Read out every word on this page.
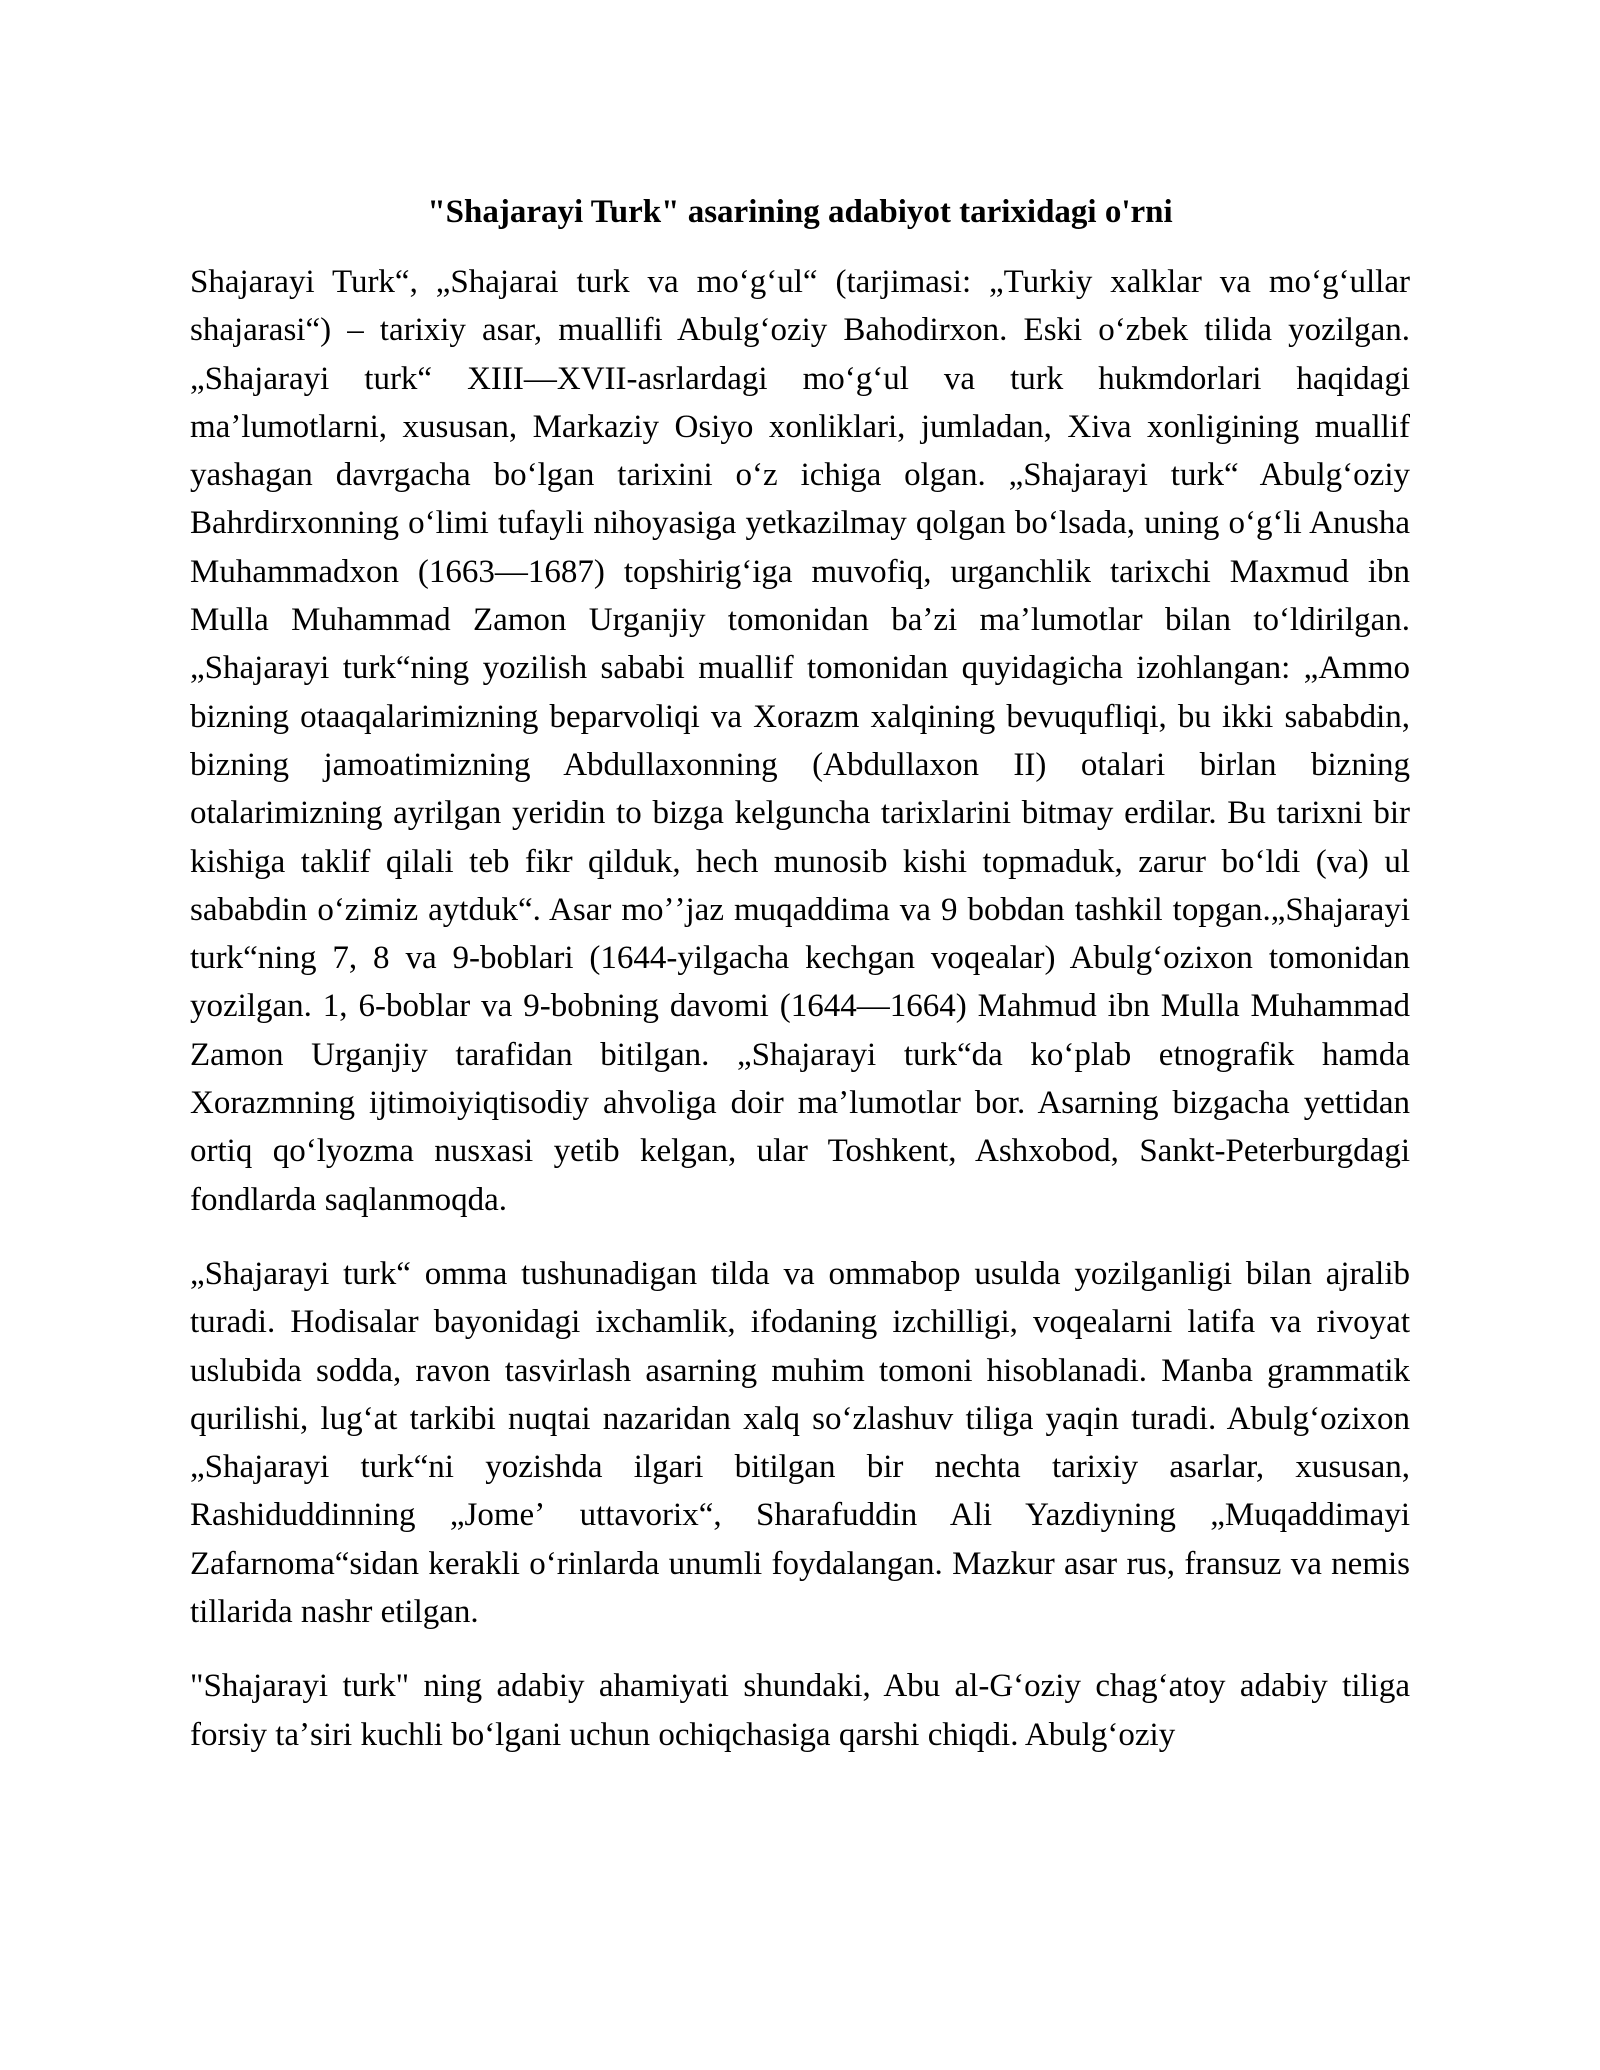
"Shajarayi Turk" asarining adabiyot tarixidagi o'rni

Shajarayi Turk“, „Shajarai turk va moʻgʻul“ (tarjimasi: „Turkiy xalklar va moʻgʻullar shajarasi“) – tarixiy asar, muallifi Abulgʻoziy Bahodirxon. Eski oʻzbek tilida yozilgan. „Shajarayi turk“ XIII—XVII-asrlardagi moʻgʻul va turk hukmdorlari haqidagi maʼlumotlarni, xususan, Markaziy Osiyo xonliklari, jumladan, Xiva xonligining muallif yashagan davrgacha boʻlgan tarixini oʻz ichiga olgan. „Shajarayi turk“ Abulgʻoziy Bahrdirxonning oʻlimi tufayli nihoyasiga yetkazilmay qolgan boʻlsada, uning oʻgʻli Anusha Muhammadxon (1663—1687) topshirigʻiga muvofiq, urganchlik tarixchi Maxmud ibn Mulla Muhammad Zamon Urganjiy tomonidan baʼzi maʼlumotlar bilan toʻldirilgan. „Shajarayi turk“ning yozilish sababi muallif tomonidan quyidagicha izohlangan: „Ammo bizning otaaqalarimizning beparvoliqi va Xorazm xalqining bevuqufliqi, bu ikki sababdin, bizning jamoatimizning Abdullaxonning (Abdullaxon II) otalari birlan bizning otalarimizning ayrilgan yeridin to bizga kelguncha tarixlarini bitmay erdilar. Bu tarixni bir kishiga taklif qilali teb fikr qilduk, hech munosib kishi topmaduk, zarur boʻldi (va) ul sababdin oʻzimiz aytduk“. Asar moʼʼjaz muqaddima va 9 bobdan tashkil topgan.„Shajarayi turk“ning 7, 8 va 9-boblari (1644-yilgacha kechgan voqealar) Abulgʻozixon tomonidan yozilgan. 1, 6-boblar va 9-bobning davomi (1644—1664) Mahmud ibn Mulla Muhammad Zamon Urganjiy tarafidan bitilgan. „Shajarayi turk“da koʻplab etnografik hamda Xorazmning ijtimoiyiqtisodiy ahvoliga doir maʼlumotlar bor. Asarning bizgacha yettidan ortiq qoʻlyozma nusxasi yetib kelgan, ular Toshkent, Ashxobod, Sankt-Peterburgdagi fondlarda saqlanmoqda.

„Shajarayi turk“ omma tushunadigan tilda va ommabop usulda yozilganligi bilan ajralib turadi. Hodisalar bayonidagi ixchamlik, ifodaning izchilligi, voqealarni latifa va rivoyat uslubida sodda, ravon tasvirlash asarning muhim tomoni hisoblanadi. Manba grammatik qurilishi, lugʻat tarkibi nuqtai nazaridan xalq soʻzlashuv tiliga yaqin turadi. Abulgʻozixon „Shajarayi turk“ni yozishda ilgari bitilgan bir nechta tarixiy asarlar, xususan, Rashiduddinning „Jomeʼ uttavorix“, Sharafuddin Ali Yazdiyning „Muqaddimayi Zafarnoma“sidan kerakli oʻrinlarda unumli foydalangan. Mazkur asar rus, fransuz va nemis tillarida nashr etilgan.

"Shajarayi turk" ning adabiy ahamiyati shundaki, Abu al-Gʻoziy chagʻatoy adabiy tiliga forsiy taʼsiri kuchli boʻlgani uchun ochiqchasiga qarshi chiqdi. Abulgʻoziy
